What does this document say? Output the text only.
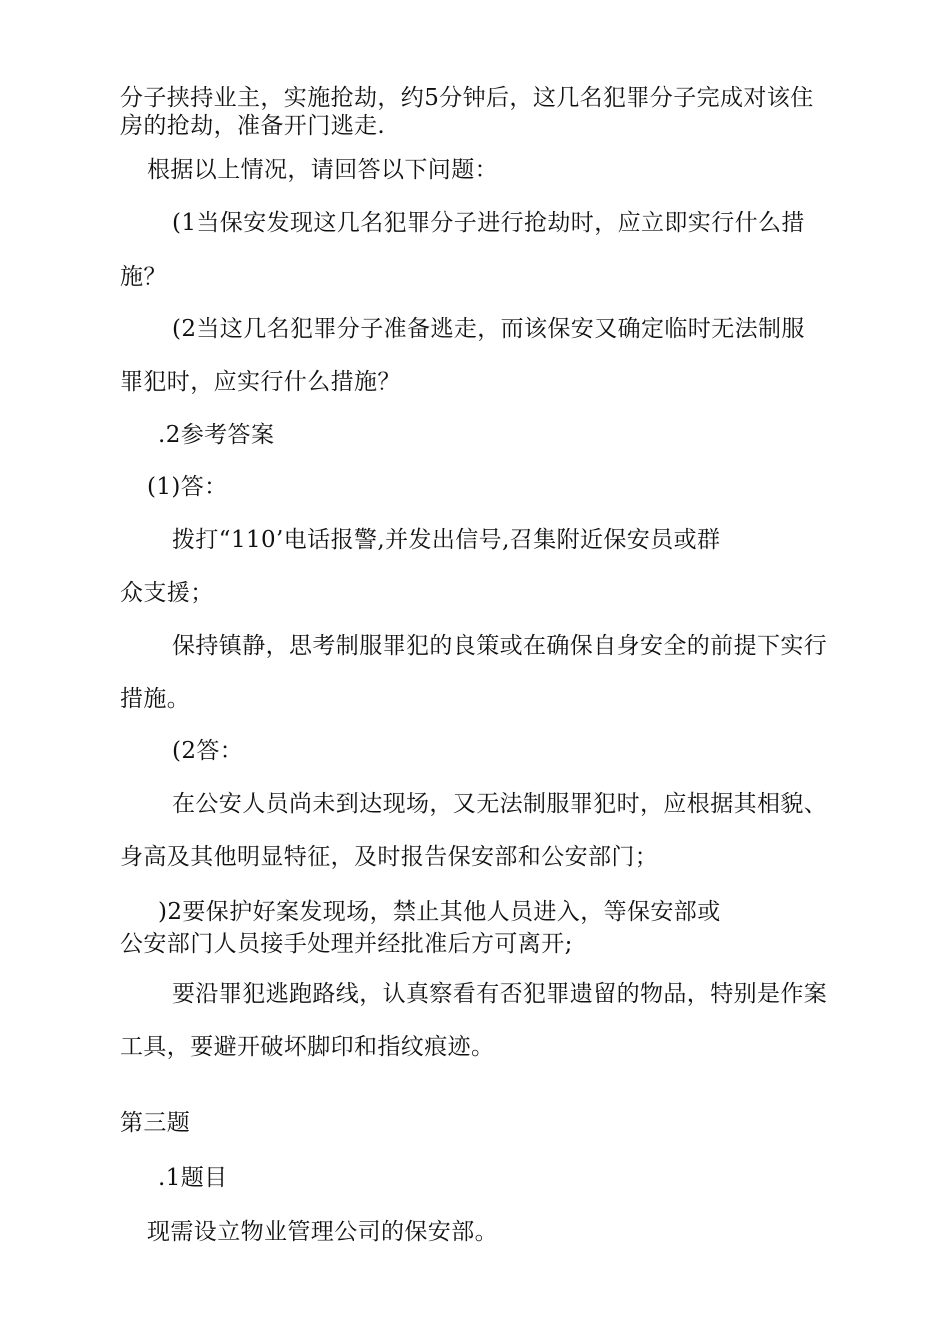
分子挟持业主，实施抢劫，约5分钟后，这几名犯罪分子完成对该住
房的抢劫，准备开门逃走.
根据以上情况，请回答以下问题：
(1当保安发现这几名犯罪分子进行抢劫时，应立即实行什么措
施？
(2当这几名犯罪分子准备逃走，而该保安又确定临时无法制服
罪犯时，应实行什么措施？
.2参考答案
(1)答：
拨打“110’电话报警,并发出信号,召集附近保安员或群
众支援；
保持镇静，思考制服罪犯的良策或在确保自身安全的前提下实行
措施。
(2答：
在公安人员尚未到达现场，又无法制服罪犯时，应根据其相貌、
身高及其他明显特征，及时报告保安部和公安部门；
)2要保护好案发现场，禁止其他人员进入，等保安部或
公安部门人员接手处理并经批准后方可离开;
要沿罪犯逃跑路线，认真察看有否犯罪遗留的物品，特别是作案
工具，要避开破坏脚印和指纹痕迹。
第三题
.1题目
现需设立物业管理公司的保安部。
